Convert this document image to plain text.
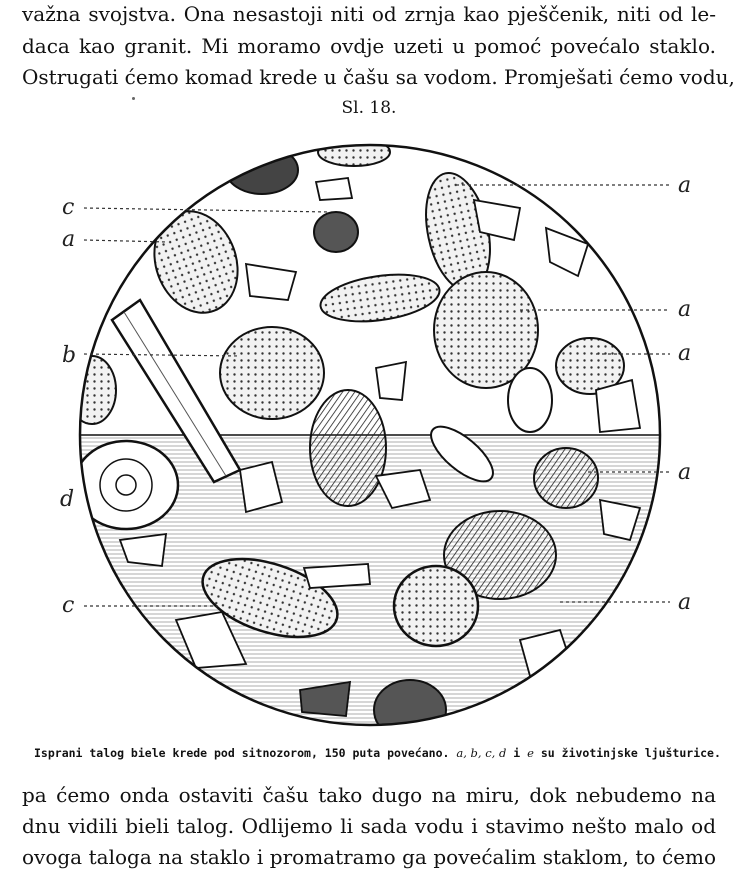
važna svojstva. Ona nesastoji niti od zrnja kao pješčenik, niti od le-
daca kao granit. Mi moramo ovdje uzeti u pomoć povećalo staklo.
Ostrugati ćemo komad krede u čašu sa vodom. Promješati ćemo vodu,
Sl. 18.
c
a
b
d
c
a
a
a
a
a
Isprani talog biele krede pod sitnozorom, 150 puta povećano. a, b, c, d i e su životinjske ljušturice.
pa ćemo onda ostaviti čašu tako dugo na miru, dok nebudemo na
dnu vidili bieli talog. Odlijemo li sada vodu i stavimo nešto malo od
ovoga taloga na staklo i promatramo ga povećalim staklom, to ćemo
